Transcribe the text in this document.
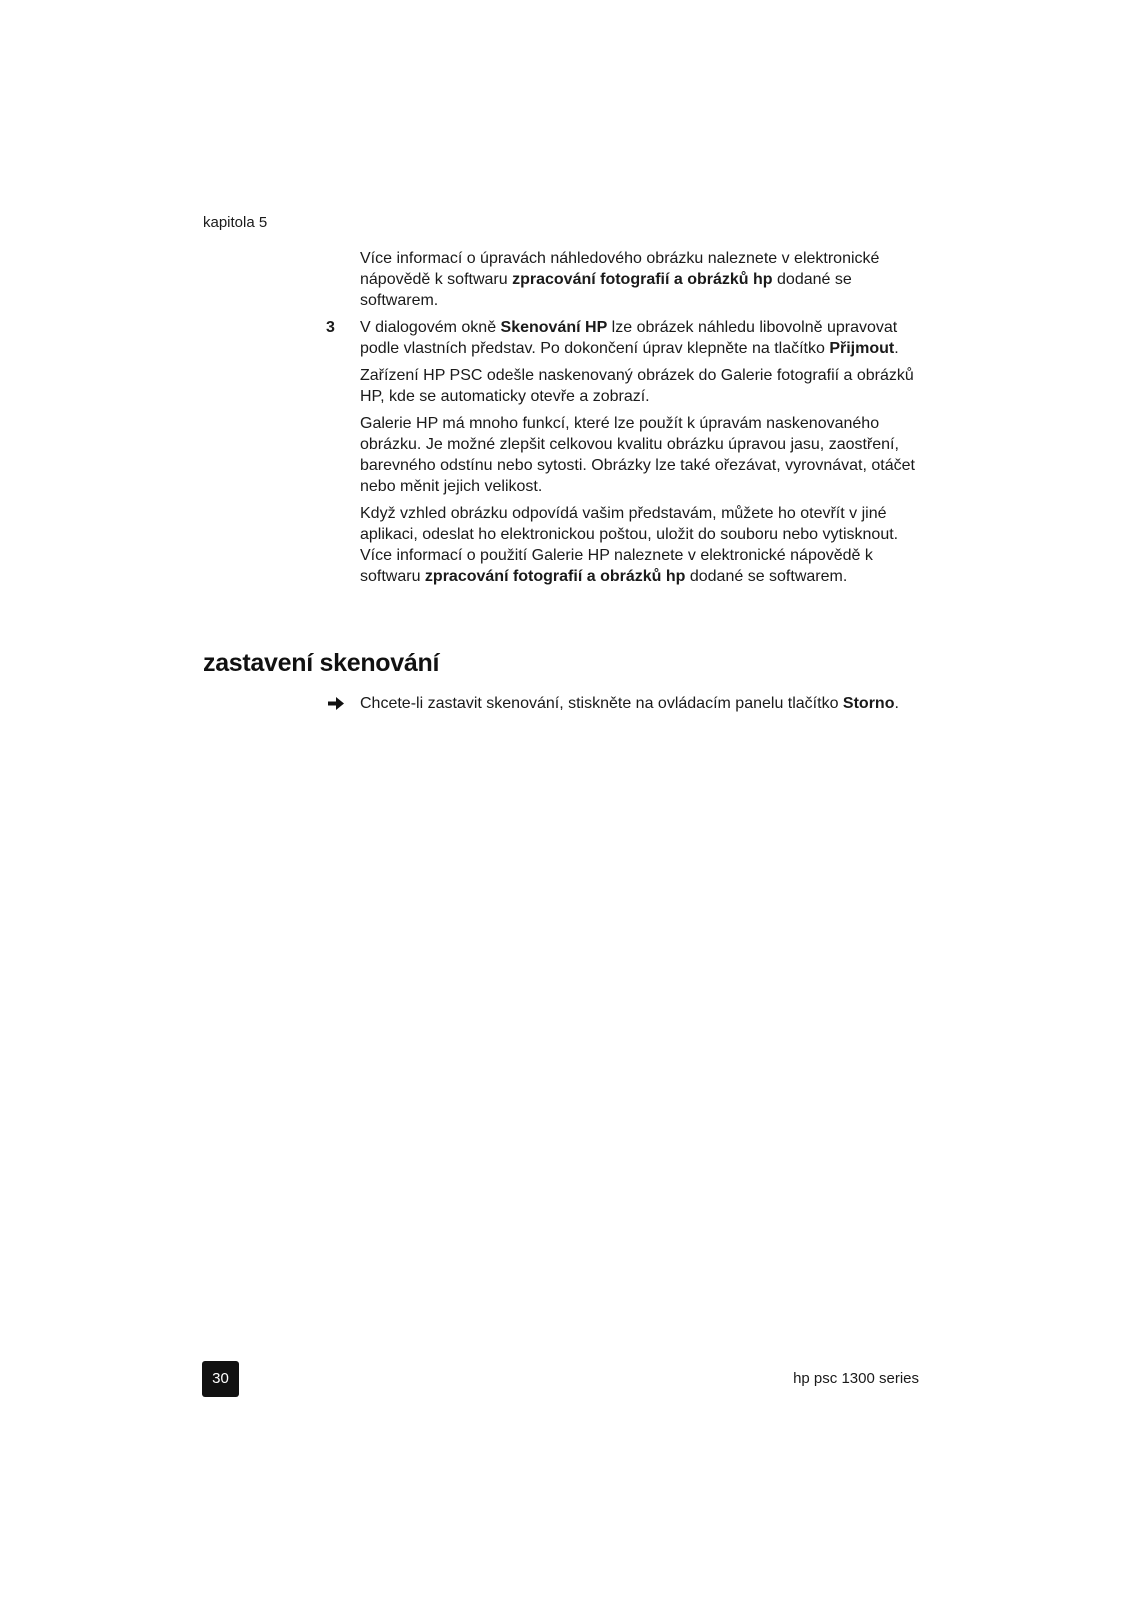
kapitola 5

Více informací o úpravách náhledového obrázku naleznete v elektronické nápovědě k softwaru zpracování fotografií a obrázků hp dodané se softwarem.

3 V dialogovém okně Skenování HP lze obrázek náhledu libovolně upravovat podle vlastních představ. Po dokončení úprav klepněte na tlačítko Přijmout.

Zařízení HP PSC odešle naskenovaný obrázek do Galerie fotografií a obrázků HP, kde se automaticky otevře a zobrazí.

Galerie HP má mnoho funkcí, které lze použít k úpravám naskenovaného obrázku. Je možné zlepšit celkovou kvalitu obrázku úpravou jasu, zaostření, barevného odstínu nebo sytosti. Obrázky lze také ořezávat, vyrovnávat, otáčet nebo měnit jejich velikost.

Když vzhled obrázku odpovídá vašim představám, můžete ho otevřít v jiné aplikaci, odeslat ho elektronickou poštou, uložit do souboru nebo vytisknout. Více informací o použití Galerie HP naleznete v elektronické nápovědě k softwaru zpracování fotografií a obrázků hp dodané se softwarem.

zastavení skenování
Chcete-li zastavit skenování, stiskněte na ovládacím panelu tlačítko Storno.
30	hp psc 1300 series
